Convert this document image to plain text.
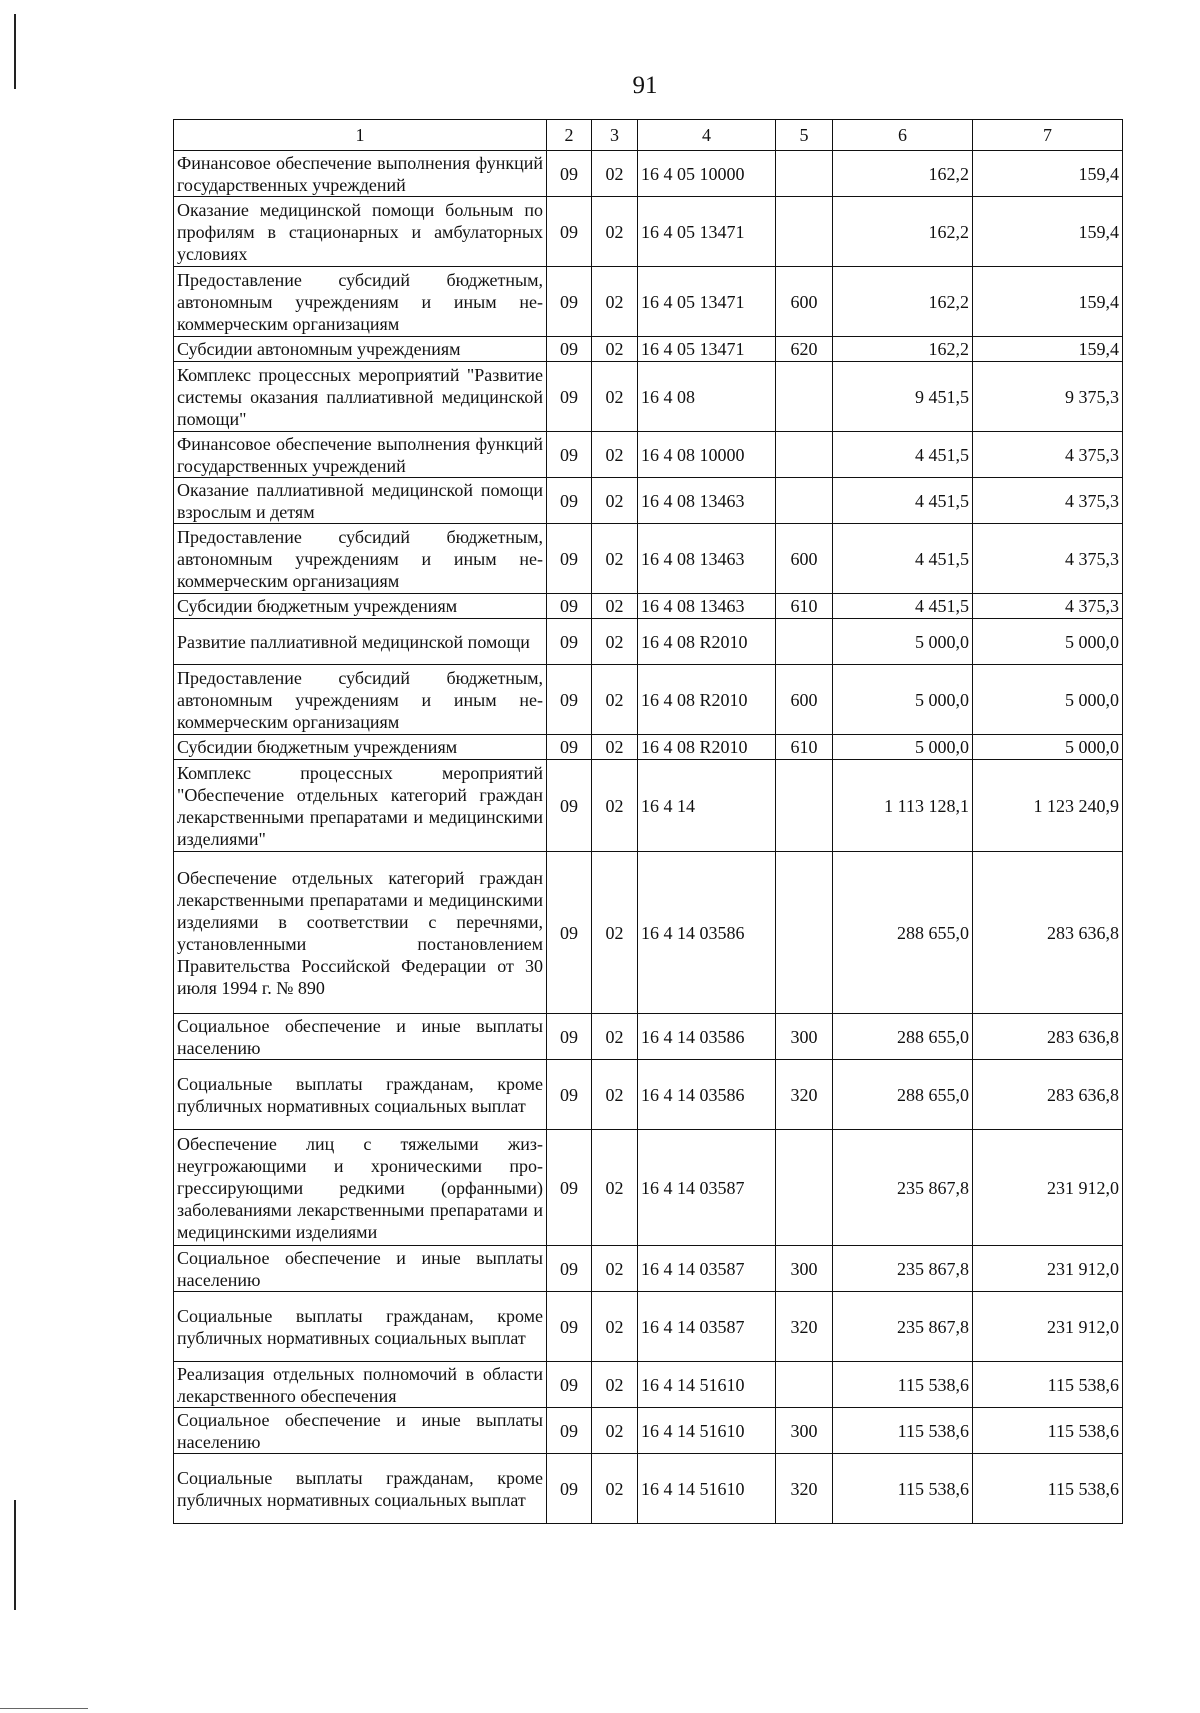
91
1	2	3	4	5	6	7
Финансовое обеспечение выполнения функций государственных учреждений	09	02	16 4 05 10000		162,2	159,4
Оказание медицинской помощи больным по профилям в стационарных и амбулаторных условиях	09	02	16 4 05 13471		162,2	159,4
Предоставление субсидий бюджетным, автономным учреждениям и иным некоммерческим организациям	09	02	16 4 05 13471	600	162,2	159,4
Субсидии автономным учреждениям	09	02	16 4 05 13471	620	162,2	159,4
Комплекс процессных мероприятий "Развитие системы оказания паллиативной медицинской помощи"	09	02	16 4 08		9 451,5	9 375,3
Финансовое обеспечение выполнения функций государственных учреждений	09	02	16 4 08 10000		4 451,5	4 375,3
Оказание паллиативной медицинской помощи взрослым и детям	09	02	16 4 08 13463		4 451,5	4 375,3
Предоставление субсидий бюджетным, автономным учреждениям и иным некоммерческим организациям	09	02	16 4 08 13463	600	4 451,5	4 375,3
Субсидии бюджетным учреждениям	09	02	16 4 08 13463	610	4 451,5	4 375,3
Развитие паллиативной медицинской помощи	09	02	16 4 08 R2010		5 000,0	5 000,0
Предоставление субсидий бюджетным, автономным учреждениям и иным некоммерческим организациям	09	02	16 4 08 R2010	600	5 000,0	5 000,0
Субсидии бюджетным учреждениям	09	02	16 4 08 R2010	610	5 000,0	5 000,0
Комплекс процессных мероприятий "Обеспечение отдельных категорий граждан лекарственными препаратами и медицинскими изделиями"	09	02	16 4 14		1 113 128,1	1 123 240,9
Обеспечение отдельных категорий граждан лекарственными препаратами и медицинскими изделиями в соответствии с перечнями, установленными постановлением Правительства Российской Федерации от 30 июля 1994 г. № 890	09	02	16 4 14 03586		288 655,0	283 636,8
Социальное обеспечение и иные выплаты населению	09	02	16 4 14 03586	300	288 655,0	283 636,8
Социальные выплаты гражданам, кроме публичных нормативных социальных выплат	09	02	16 4 14 03586	320	288 655,0	283 636,8
Обеспечение лиц с тяжелыми жизнеугрожающими и хроническими прогрессирующими редкими (орфанными) заболеваниями лекарственными препаратами и медицинскими изделиями	09	02	16 4 14 03587		235 867,8	231 912,0
Социальное обеспечение и иные выплаты населению	09	02	16 4 14 03587	300	235 867,8	231 912,0
Социальные выплаты гражданам, кроме публичных нормативных социальных выплат	09	02	16 4 14 03587	320	235 867,8	231 912,0
Реализация отдельных полномочий в области лекарственного обеспечения	09	02	16 4 14 51610		115 538,6	115 538,6
Социальное обеспечение и иные выплаты населению	09	02	16 4 14 51610	300	115 538,6	115 538,6
Социальные выплаты гражданам, кроме публичных нормативных социальных выплат	09	02	16 4 14 51610	320	115 538,6	115 538,6
